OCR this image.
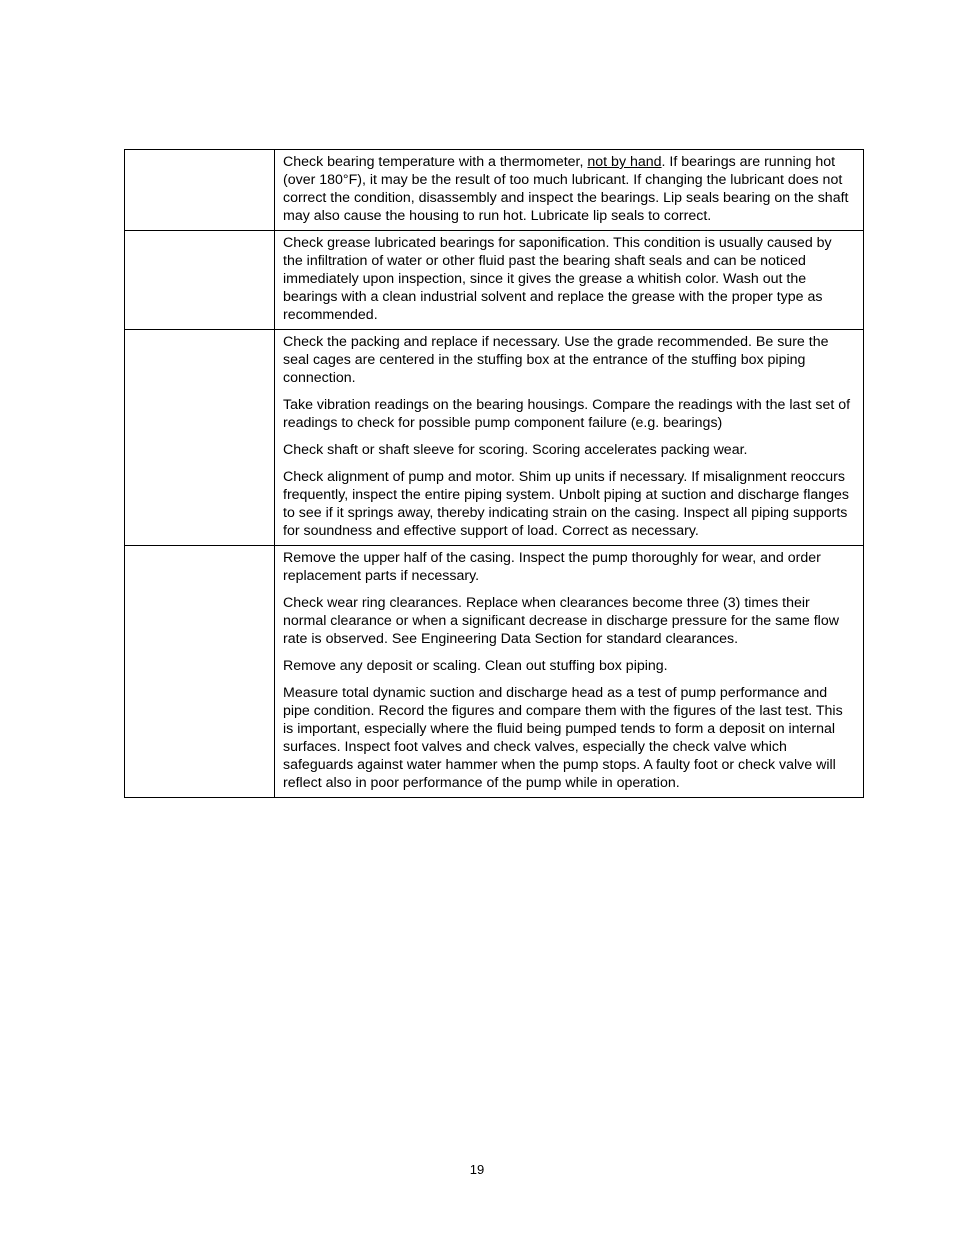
	Check bearing temperature with a thermometer, not by hand. If bearings are running hot (over 180°F), it may be the result of too much lubricant. If changing the lubricant does not correct the condition, disassembly and inspect the bearings. Lip seals bearing on the shaft may also cause the housing to run hot. Lubricate lip seals to correct.

	Check grease lubricated bearings for saponification. This condition is usually caused by the infiltration of water or other fluid past the bearing shaft seals and can be noticed immediately upon inspection, since it gives the grease a whitish color. Wash out the bearings with a clean industrial solvent and replace the grease with the proper type as recommended.

	Check the packing and replace if necessary. Use the grade recommended. Be sure the seal cages are centered in the stuffing box at the entrance of the stuffing box piping connection.

Take vibration readings on the bearing housings. Compare the readings with the last set of readings to check for possible pump component failure (e.g. bearings)

Check shaft or shaft sleeve for scoring. Scoring accelerates packing wear.

Check alignment of pump and motor. Shim up units if necessary. If misalignment reoccurs frequently, inspect the entire piping system. Unbolt piping at suction and discharge flanges to see if it springs away, thereby indicating strain on the casing. Inspect all piping supports for soundness and effective support of load. Correct as necessary.

	Remove the upper half of the casing. Inspect the pump thoroughly for wear, and order replacement parts if necessary.

Check wear ring clearances. Replace when clearances become three (3) times their normal clearance or when a significant decrease in discharge pressure for the same flow rate is observed. See Engineering Data Section for standard clearances.

Remove any deposit or scaling. Clean out stuffing box piping.

Measure total dynamic suction and discharge head as a test of pump performance and pipe condition. Record the figures and compare them with the figures of the last test. This is important, especially where the fluid being pumped tends to form a deposit on internal surfaces. Inspect foot valves and check valves, especially the check valve which safeguards against water hammer when the pump stops. A faulty foot or check valve will reflect also in poor performance of the pump while in operation.

19
